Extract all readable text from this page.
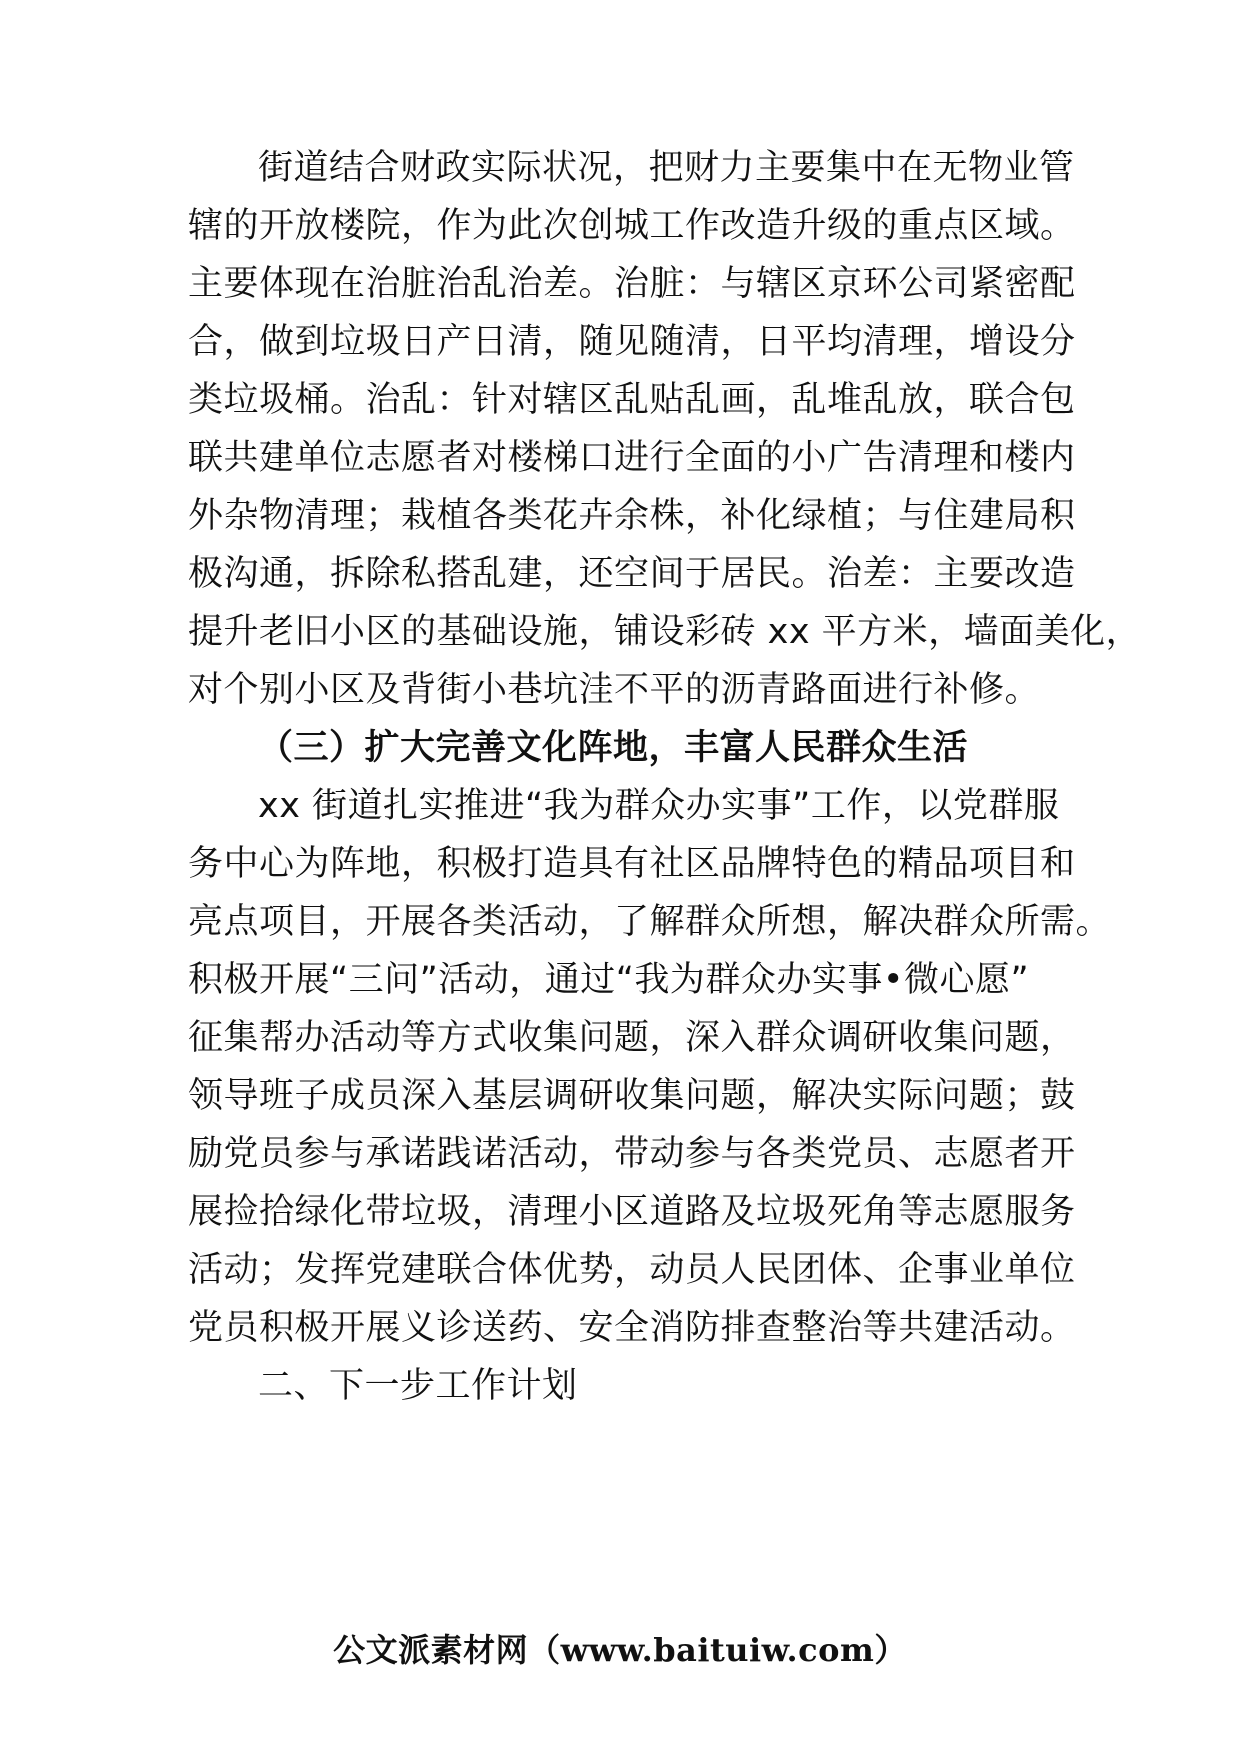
街道结合财政实际状况，把财力主要集中在无物业管
辖的开放楼院，作为此次创城工作改造升级的重点区域。
主要体现在治脏治乱治差。治脏：与辖区京环公司紧密配
合，做到垃圾日产日清，随见随清，日平均清理，增设分
类垃圾桶。治乱：针对辖区乱贴乱画，乱堆乱放，联合包
联共建单位志愿者对楼梯口进行全面的小广告清理和楼内
外杂物清理；栽植各类花卉余株，补化绿植；与住建局积
极沟通，拆除私搭乱建，还空间于居民。治差：主要改造
提升老旧小区的基础设施，铺设彩砖 xx 平方米，墙面美化，
对个别小区及背街小巷坑洼不平的沥青路面进行补修。
（三）扩大完善文化阵地，丰富人民群众生活
xx 街道扎实推进“我为群众办实事”工作，以党群服
务中心为阵地，积极打造具有社区品牌特色的精品项目和
亮点项目，开展各类活动，了解群众所想，解决群众所需。
积极开展“三问”活动，通过“我为群众办实事•微心愿”
征集帮办活动等方式收集问题，深入群众调研收集问题，
领导班子成员深入基层调研收集问题，解决实际问题；鼓
励党员参与承诺践诺活动，带动参与各类党员、志愿者开
展捡拾绿化带垃圾，清理小区道路及垃圾死角等志愿服务
活动；发挥党建联合体优势，动员人民团体、企事业单位
党员积极开展义诊送药、安全消防排查整治等共建活动。
二、下一步工作计划
公文派素材网（www.baituiw.com）
